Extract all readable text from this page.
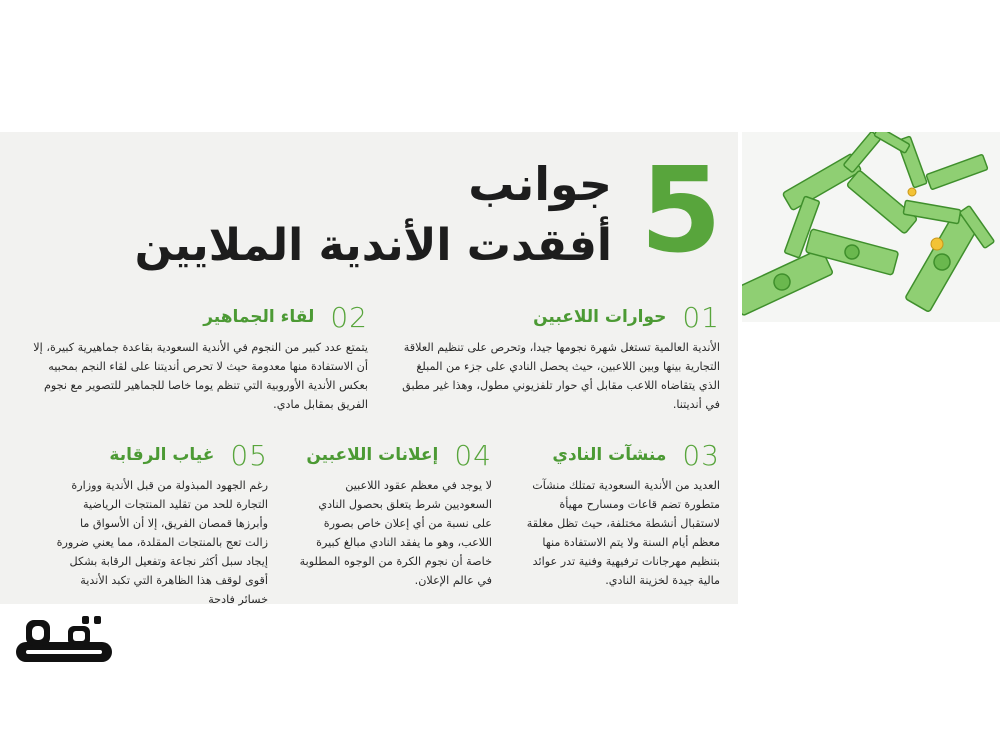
5
جوانب
أفقدت الأندية الملايين
01
حوارات اللاعبين
الأندية العالمية تستغل شهرة نجومها جيدا، وتحرص على تنظيم العلاقة التجارية بينها وبين اللاعبين، حيث يحصل النادي على جزء من المبلغ الذي يتقاضاه اللاعب مقابل أي حوار تلفزيوني مطول، وهذا غير مطبق في أنديتنا.
02
لقاء الجماهير
يتمتع عدد كبير من النجوم في الأندية السعودية بقاعدة جماهيرية كبيرة، إلا أن الاستفادة منها معدومة حيث لا تحرص أنديتنا على لقاء النجم بمحبيه بعكس الأندية الأوروبية التي تنظم يوما خاصا للجماهير للتصوير مع نجوم الفريق بمقابل مادي.
03
منشآت النادي
العديد من الأندية السعودية تمتلك منشآت متطورة تضم قاعات ومسارح مهيأة لاستقبال أنشطة مختلفة، حيث تظل مغلقة معظم أيام السنة ولا يتم الاستفادة منها بتنظيم مهرجانات ترفيهية وفنية تدر عوائد مالية جيدة لخزينة النادي.
04
إعلانات اللاعبين
لا يوجد في معظم عقود اللاعبين السعوديين شرط يتعلق بحصول النادي على نسبة من أي إعلان خاص بصورة اللاعب، وهو ما يفقد النادي مبالغ كبيرة خاصة أن نجوم الكرة من الوجوه المطلوبة في عالم الإعلان.
05
غياب الرقابة
رغم الجهود المبذولة من قبل الأندية ووزارة التجارة للحد من تقليد المنتجات الرياضية وأبرزها قمصان الفريق، إلا أن الأسواق ما زالت تعج بالمنتجات المقلدة، مما يعني ضرورة إيجاد سبل أكثر نجاعة وتفعيل الرقابة بشكل أقوى لوقف هذا الظاهرة التي تكبد الأندية خسائر فادحة
